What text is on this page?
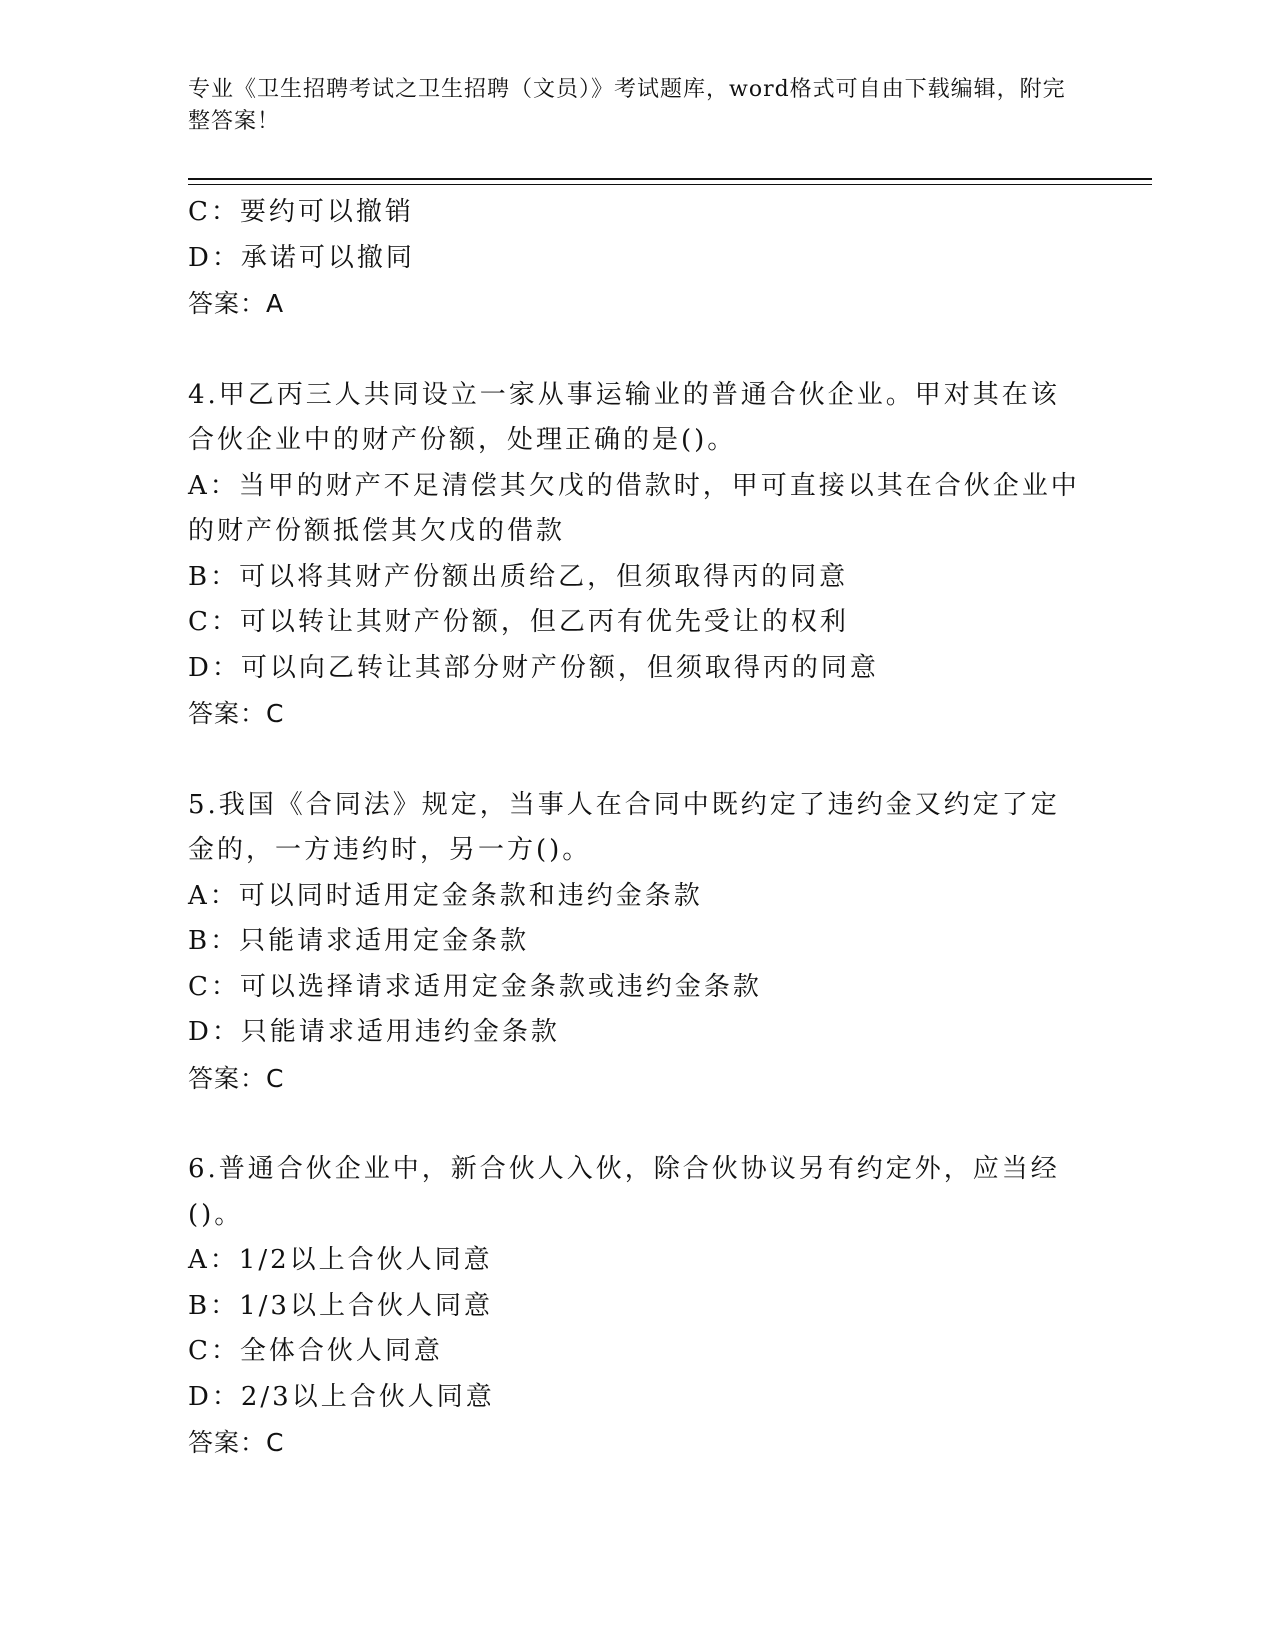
专业《卫生招聘考试之卫生招聘（文员）》考试题库，word格式可自由下载编辑，附完整答案！
C：要约可以撤销
D：承诺可以撤同
答案：A
4.甲乙丙三人共同设立一家从事运输业的普通合伙企业。甲对其在该合伙企业中的财产份额，处理正确的是()。
A：当甲的财产不足清偿其欠戊的借款时，甲可直接以其在合伙企业中的财产份额抵偿其欠戊的借款
B：可以将其财产份额出质给乙，但须取得丙的同意
C：可以转让其财产份额，但乙丙有优先受让的权利
D：可以向乙转让其部分财产份额，但须取得丙的同意
答案：C
5.我国《合同法》规定，当事人在合同中既约定了违约金又约定了定金的，一方违约时，另一方()。
A：可以同时适用定金条款和违约金条款
B：只能请求适用定金条款
C：可以选择请求适用定金条款或违约金条款
D：只能请求适用违约金条款
答案：C
6.普通合伙企业中，新合伙人入伙，除合伙协议另有约定外，应当经()。
A：1/2以上合伙人同意
B：1/3以上合伙人同意
C：全体合伙人同意
D：2/3以上合伙人同意
答案：C
